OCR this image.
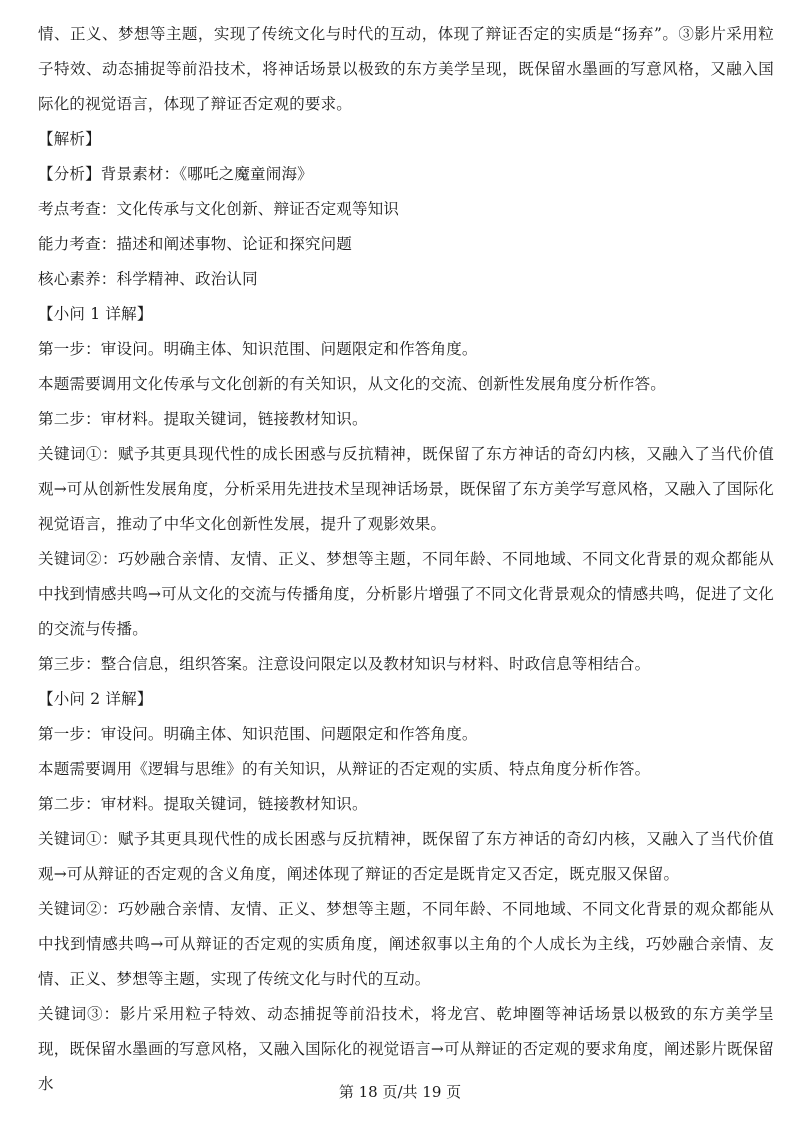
情、正义、梦想等主题，实现了传统文化与时代的互动，体现了辩证否定的实质是“扬弃”。③影片采用粒子特效、动态捕捉等前沿技术，将神话场景以极致的东方美学呈现，既保留水墨画的写意风格，又融入国际化的视觉语言，体现了辩证否定观的要求。

【解析】

【分析】背景素材：《哪吒之魔童闹海》

考点考查：文化传承与文化创新、辩证否定观等知识

能力考查：描述和阐述事物、论证和探究问题

核心素养：科学精神、政治认同

【小问 1 详解】

第一步：审设问。明确主体、知识范围、问题限定和作答角度。

本题需要调用文化传承与文化创新的有关知识，从文化的交流、创新性发展角度分析作答。

第二步：审材料。提取关键词，链接教材知识。

关键词①：赋予其更具现代性的成长困惑与反抗精神，既保留了东方神话的奇幻内核，又融入了当代价值观→可从创新性发展角度，分析采用先进技术呈现神话场景，既保留了东方美学写意风格，又融入了国际化视觉语言，推动了中华文化创新性发展，提升了观影效果。

关键词②：巧妙融合亲情、友情、正义、梦想等主题，不同年龄、不同地域、不同文化背景的观众都能从中找到情感共鸣→可从文化的交流与传播角度，分析影片增强了不同文化背景观众的情感共鸣，促进了文化的交流与传播。

第三步：整合信息，组织答案。注意设问限定以及教材知识与材料、时政信息等相结合。

【小问 2 详解】

第一步：审设问。明确主体、知识范围、问题限定和作答角度。

本题需要调用《逻辑与思维》的有关知识，从辩证的否定观的实质、特点角度分析作答。

第二步：审材料。提取关键词，链接教材知识。

关键词①：赋予其更具现代性的成长困惑与反抗精神，既保留了东方神话的奇幻内核，又融入了当代价值观→可从辩证的否定观的含义角度，阐述体现了辩证的否定是既肯定又否定，既克服又保留。

关键词②：巧妙融合亲情、友情、正义、梦想等主题，不同年龄、不同地域、不同文化背景的观众都能从中找到情感共鸣→可从辩证的否定观的实质角度，阐述叙事以主角的个人成长为主线，巧妙融合亲情、友情、正义、梦想等主题，实现了传统文化与时代的互动。

关键词③：影片采用粒子特效、动态捕捉等前沿技术，将龙宫、乾坤圈等神话场景以极致的东方美学呈现，既保留水墨画的写意风格，又融入国际化的视觉语言→可从辩证的否定观的要求角度，阐述影片既保留水	第 18 页/共 19 页
